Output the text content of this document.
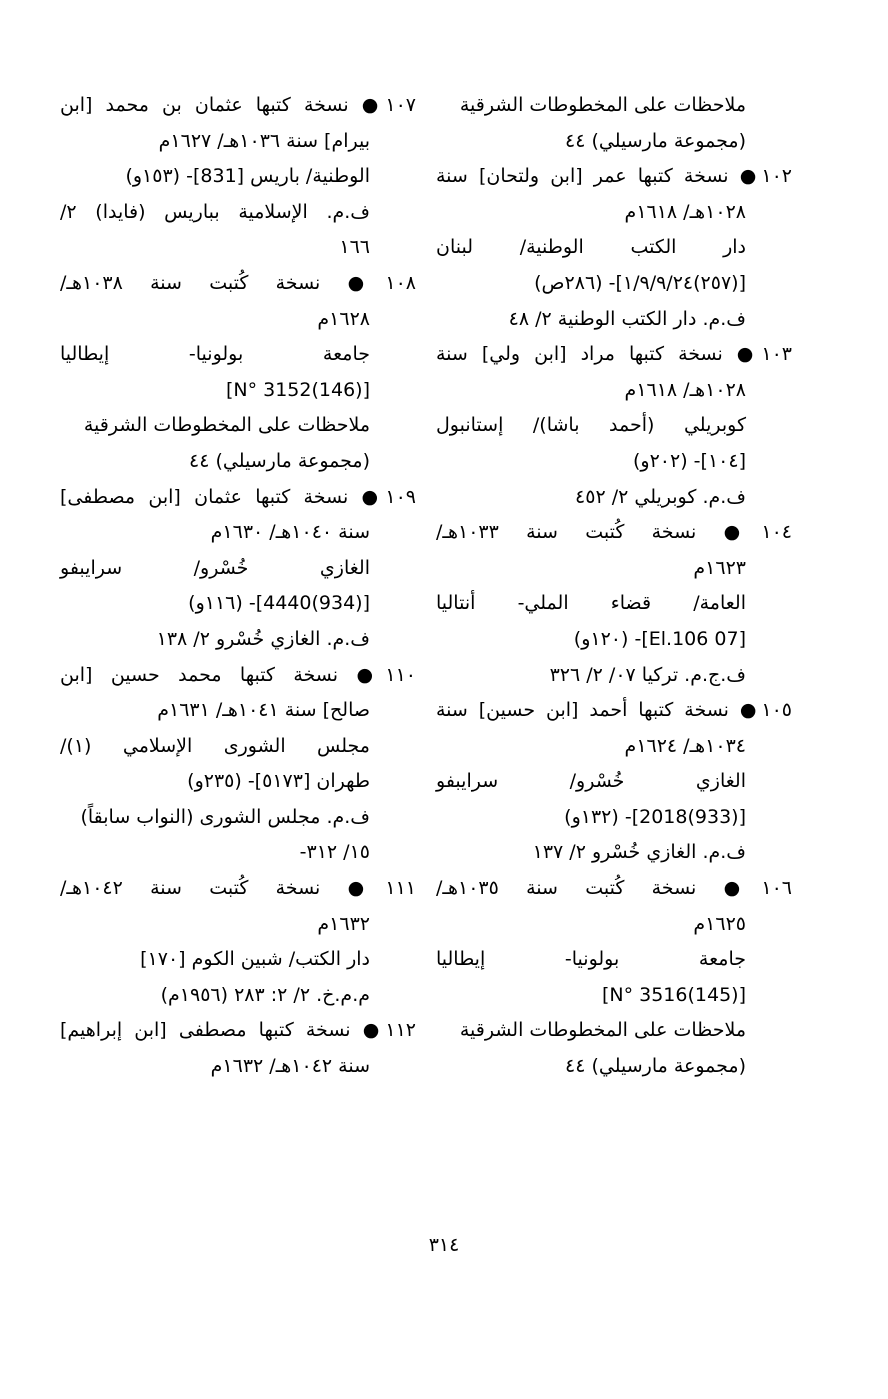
ملاحظات على المخطوطات الشرقية
(مجموعة مارسيلي) ٤٤
١٠٢● نسخة كتبها عمر [ابن ولتحان] سنة
١٠٢٨هـ/ ١٦١٨م
دار الكتب الوطنية/ لبنان
[(٢٥٧)١/٩/٩/٢٤]- (٢٨٦ص)
ف.م. دار الكتب الوطنية ٢/ ٤٨
١٠٣● نسخة كتبها مراد [ابن ولي] سنة
١٠٢٨هـ/ ١٦١٨م
كوبريلي (أحمد باشا)/ إستانبول
[١٠٤]- (٢٠٢و)
ف.م. كوبريلي ٢/ ٤٥٢
١٠٤● نسخة كُتبت سنة ١٠٣٣هـ/
١٦٢٣م
العامة/ قضاء الملي- أنتاليا
[07 El.106]- (١٢٠و)
ف.ج.م. تركيا ٠٧/ ٢/ ٣٢٦
١٠٥● نسخة كتبها أحمد [ابن حسين] سنة
١٠٣٤هـ/ ١٦٢٤م
الغازي خُسْرو/ سرايبفو
[(933)2018]- (١٣٢و)
ف.م. الغازي خُسْرو ٢/ ١٣٧
١٠٦● نسخة كُتبت سنة ١٠٣٥هـ/
١٦٢٥م
جامعة بولونيا- إيطاليا
[(145)N° 3516]
ملاحظات على المخطوطات الشرقية
(مجموعة مارسيلي) ٤٤
١٠٧● نسخة كتبها عثمان بن محمد [ابن
بيرام] سنة ١٠٣٦هـ/ ١٦٢٧م
الوطنية/ باريس [831]- (١٥٣و)
ف.م. الإسلامية بباريس (فايدا) ٢/
١٦٦
١٠٨● نسخة كُتبت سنة ١٠٣٨هـ/
١٦٢٨م
جامعة بولونيا- إيطاليا
[(146)N° 3152]
ملاحظات على المخطوطات الشرقية
(مجموعة مارسيلي) ٤٤
١٠٩● نسخة كتبها عثمان [ابن مصطفى]
سنة ١٠٤٠هـ/ ١٦٣٠م
الغازي خُسْرو/ سرايبفو
[(934)4440]- (١١٦و)
ف.م. الغازي خُسْرو ٢/ ١٣٨
١١٠● نسخة كتبها محمد حسين [ابن
صالح] سنة ١٠٤١هـ/ ١٦٣١م
مجلس الشورى الإسلامي (١)/
طهران [٥١٧٣]- (٢٣٥و)
ف.م. مجلس الشورى (النواب سابقاً)
١٥/ ٣١٢-
١١١● نسخة كُتبت سنة ١٠٤٢هـ/
١٦٣٢م
دار الكتب/ شبين الكوم [١٧٠]
م.م.خ. ٢/ ٢: ٢٨٣ (١٩٥٦م)
١١٢● نسخة كتبها مصطفى [ابن إبراهيم]
سنة ١٠٤٢هـ/ ١٦٣٢م
٣١٤
